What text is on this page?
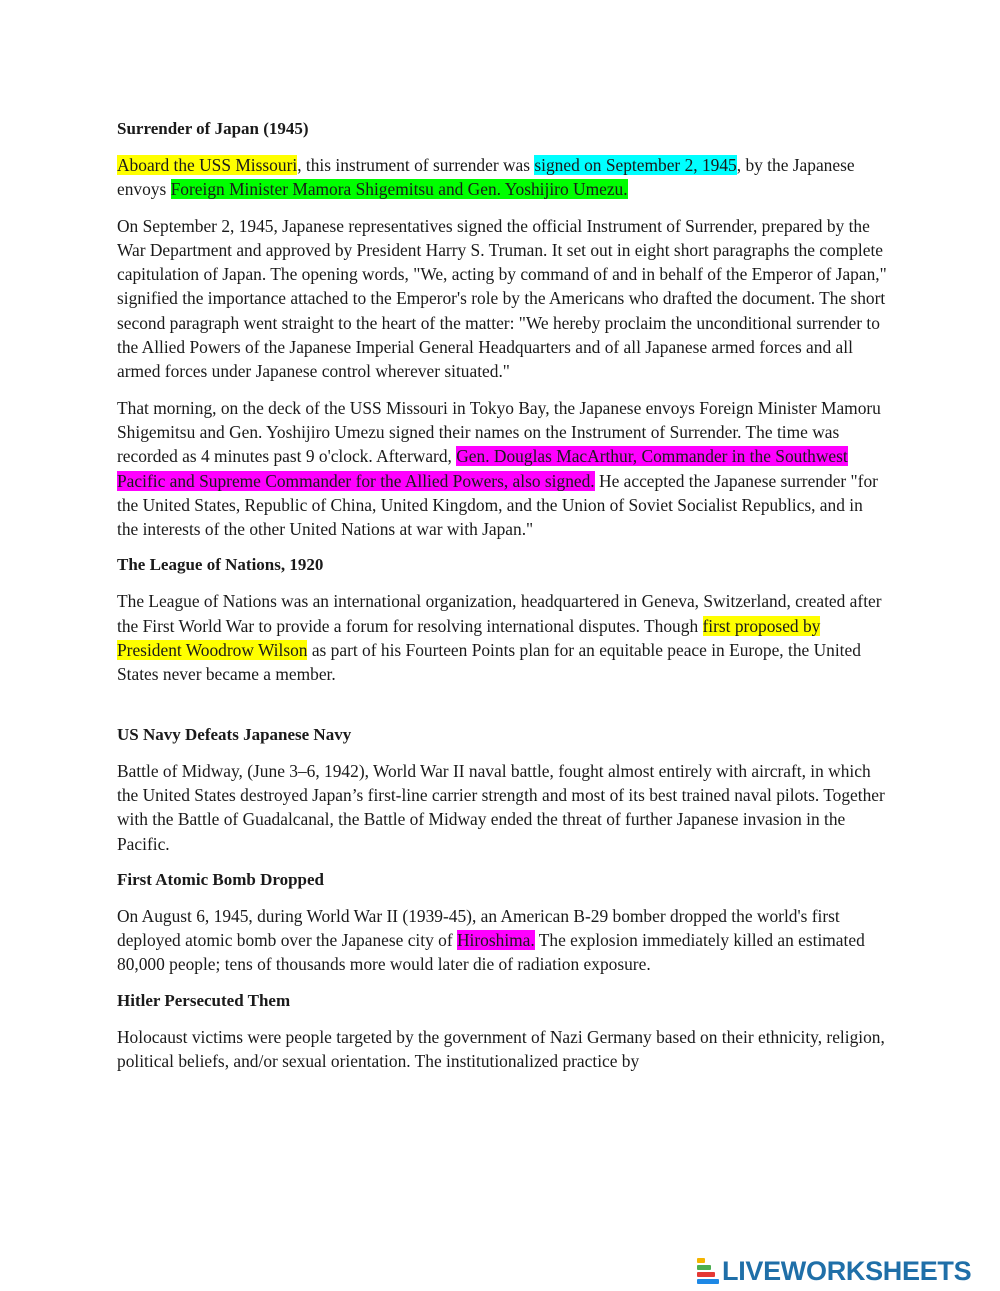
Surrender of Japan (1945)

Aboard the USS Missouri, this instrument of surrender was signed on September 2, 1945, by the Japanese envoys Foreign Minister Mamora Shigemitsu and Gen. Yoshijiro Umezu.

On September 2, 1945, Japanese representatives signed the official Instrument of Surrender, prepared by the War Department and approved by President Harry S. Truman. It set out in eight short paragraphs the complete capitulation of Japan. The opening words, "We, acting by command of and in behalf of the Emperor of Japan," signified the importance attached to the Emperor's role by the Americans who drafted the document. The short second paragraph went straight to the heart of the matter: "We hereby proclaim the unconditional surrender to the Allied Powers of the Japanese Imperial General Headquarters and of all Japanese armed forces and all armed forces under Japanese control wherever situated."

That morning, on the deck of the USS Missouri in Tokyo Bay, the Japanese envoys Foreign Minister Mamoru Shigemitsu and Gen. Yoshijiro Umezu signed their names on the Instrument of Surrender. The time was recorded as 4 minutes past 9 o'clock. Afterward, Gen. Douglas MacArthur, Commander in the Southwest Pacific and Supreme Commander for the Allied Powers, also signed. He accepted the Japanese surrender "for the United States, Republic of China, United Kingdom, and the Union of Soviet Socialist Republics, and in the interests of the other United Nations at war with Japan."

The League of Nations, 1920

The League of Nations was an international organization, headquartered in Geneva, Switzerland, created after the First World War to provide a forum for resolving international disputes. Though first proposed by President Woodrow Wilson as part of his Fourteen Points plan for an equitable peace in Europe, the United States never became a member.

US Navy Defeats Japanese Navy

Battle of Midway, (June 3–6, 1942), World War II naval battle, fought almost entirely with aircraft, in which the United States destroyed Japan’s first-line carrier strength and most of its best trained naval pilots. Together with the Battle of Guadalcanal, the Battle of Midway ended the threat of further Japanese invasion in the Pacific.

First Atomic Bomb Dropped

On August 6, 1945, during World War II (1939-45), an American B-29 bomber dropped the world's first deployed atomic bomb over the Japanese city of Hiroshima. The explosion immediately killed an estimated 80,000 people; tens of thousands more would later die of radiation exposure.

Hitler Persecuted Them

Holocaust victims were people targeted by the government of Nazi Germany based on their ethnicity, religion, political beliefs, and/or sexual orientation. The institutionalized practice by

LIVEWORKSHEETS
